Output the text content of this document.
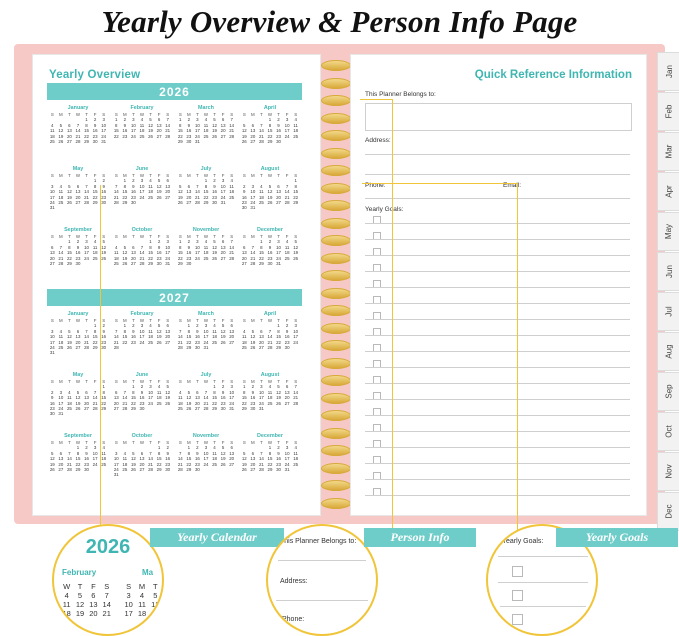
Yearly Overview & Person Info Page
Yearly Overview
2026
January
S	M	T	W	T	F	S
				1	2	3
4	5	6	7	8	9	10
11	12	13	14	15	16	17
18	19	20	21	22	23	24
25	26	27	28	29	30	31
February
S	M	T	W	T	F	S
1	2	3	4	5	6	7
8	9	10	11	12	13	14
15	16	17	18	19	20	21
22	23	24	25	26	27	28
March
S	M	T	W	T	F	S
1	2	3	4	5	6	7
8	9	10	11	12	13	14
15	16	17	18	19	20	21
22	23	24	25	26	27	28
29	30	31				
April
S	M	T	W	T	F	S
			1	2	3	4
5	6	7	8	9	10	11
12	13	14	15	16	17	18
19	20	21	22	23	24	25
26	27	28	29	30		
May
S	M	T	W	T	F	S
					1	2
3	4	5	6	7	8	9
10	11	12	13	14	15	16
17	18	19	20	21	22	23
24	25	26	27	28	29	30
31						
June
S	M	T	W	T	F	S
	1	2	3	4	5	6
7	8	9	10	11	12	13
14	15	16	17	18	19	20
21	22	23	24	25	26	27
28	29	30				
July
S	M	T	W	T	F	S
			1	2	3	4
5	6	7	8	9	10	11
12	13	14	15	16	17	18
19	20	21	22	23	24	25
26	27	28	29	30	31	
August
S	M	T	W	T	F	S
						1
2	3	4	5	6	7	8
9	10	11	12	13	14	15
16	17	18	19	20	21	22
23	24	25	26	27	28	29
30	31					
September
S	M	T	W	T	F	S
		1	2	3	4	5
6	7	8	9	10	11	12
13	14	15	16	17	18	19
20	21	22	23	24	25	26
27	28	29	30			
October
S	M	T	W	T	F	S
				1	2	3
4	5	6	7	8	9	10
11	12	13	14	15	16	17
18	19	20	21	22	23	24
25	26	27	28	29	30	31
November
S	M	T	W	T	F	S
1	2	3	4	5	6	7
8	9	10	11	12	13	14
15	16	17	18	19	20	21
22	23	24	25	26	27	28
29	30					
December
S	M	T	W	T	F	S
		1	2	3	4	5
6	7	8	9	10	11	12
13	14	15	16	17	18	19
20	21	22	23	24	25	26
27	28	29	30	31		
2027
January
S	M	T	W	T	F	S
					1	2
3	4	5	6	7	8	9
10	11	12	13	14	15	16
17	18	19	20	21	22	23
24	25	26	27	28	29	30
31						
February
S	M	T	W	T	F	S
	1	2	3	4	5	6
7	8	9	10	11	12	13
14	15	16	17	18	19	20
21	22	23	24	25	26	27
28						
March
S	M	T	W	T	F	S
	1	2	3	4	5	6
7	8	9	10	11	12	13
14	15	16	17	18	19	20
21	22	23	24	25	26	27
28	29	30	31			
April
S	M	T	W	T	F	S
				1	2	3
4	5	6	7	8	9	10
11	12	13	14	15	16	17
18	19	20	21	22	23	24
25	26	27	28	29	30	
May
S	M	T	W	T	F	S
						1
2	3	4	5	6	7	8
9	10	11	12	13	14	15
16	17	18	19	20	21	22
23	24	25	26	27	28	29
30	31					
June
S	M	T	W	T	F	S
		1	2	3	4	5
6	7	8	9	10	11	12
13	14	15	16	17	18	19
20	21	22	23	24	25	26
27	28	29	30			
July
S	M	T	W	T	F	S
				1	2	3
4	5	6	7	8	9	10
11	12	13	14	15	16	17
18	19	20	21	22	23	24
25	26	27	28	29	30	31
August
S	M	T	W	T	F	S
1	2	3	4	5	6	7
8	9	10	11	12	13	14
15	16	17	18	19	20	21
22	23	24	25	26	27	28
29	30	31				
September
S	M	T	W	T	F	S
			1	2	3	4
5	6	7	8	9	10	11
12	13	14	15	16	17	18
19	20	21	22	23	24	25
26	27	28	29	30		
October
S	M	T	W	T	F	S
					1	2
3	4	5	6	7	8	9
10	11	12	13	14	15	16
17	18	19	20	21	22	23
24	25	26	27	28	29	30
31						
November
S	M	T	W	T	F	S
	1	2	3	4	5	6
7	8	9	10	11	12	13
14	15	16	17	18	19	20
21	22	23	24	25	26	27
28	29	30				
December
S	M	T	W	T	F	S
			1	2	3	4
5	6	7	8	9	10	11
12	13	14	15	16	17	18
19	20	21	22	23	24	25
26	27	28	29	30	31	
Quick Reference Information
This Planner Belongs to:
Address:
Phone:	Email:
Yearly Goals:
Jan
Feb
Mar
Apr
May
Jun
Jul
Aug
Sep
Oct
Nov
Dec
2026
February	Ma
W	T	F	S		S	M	T
4	5	6	7		3	4	5
11	12	13	14		10	11	12
18	19	20	21		17	18	19
Yearly Calendar	This Planner Belongs to:
Address:
Phone:
Person Info	Yearly Goals:	Yearly Goals
